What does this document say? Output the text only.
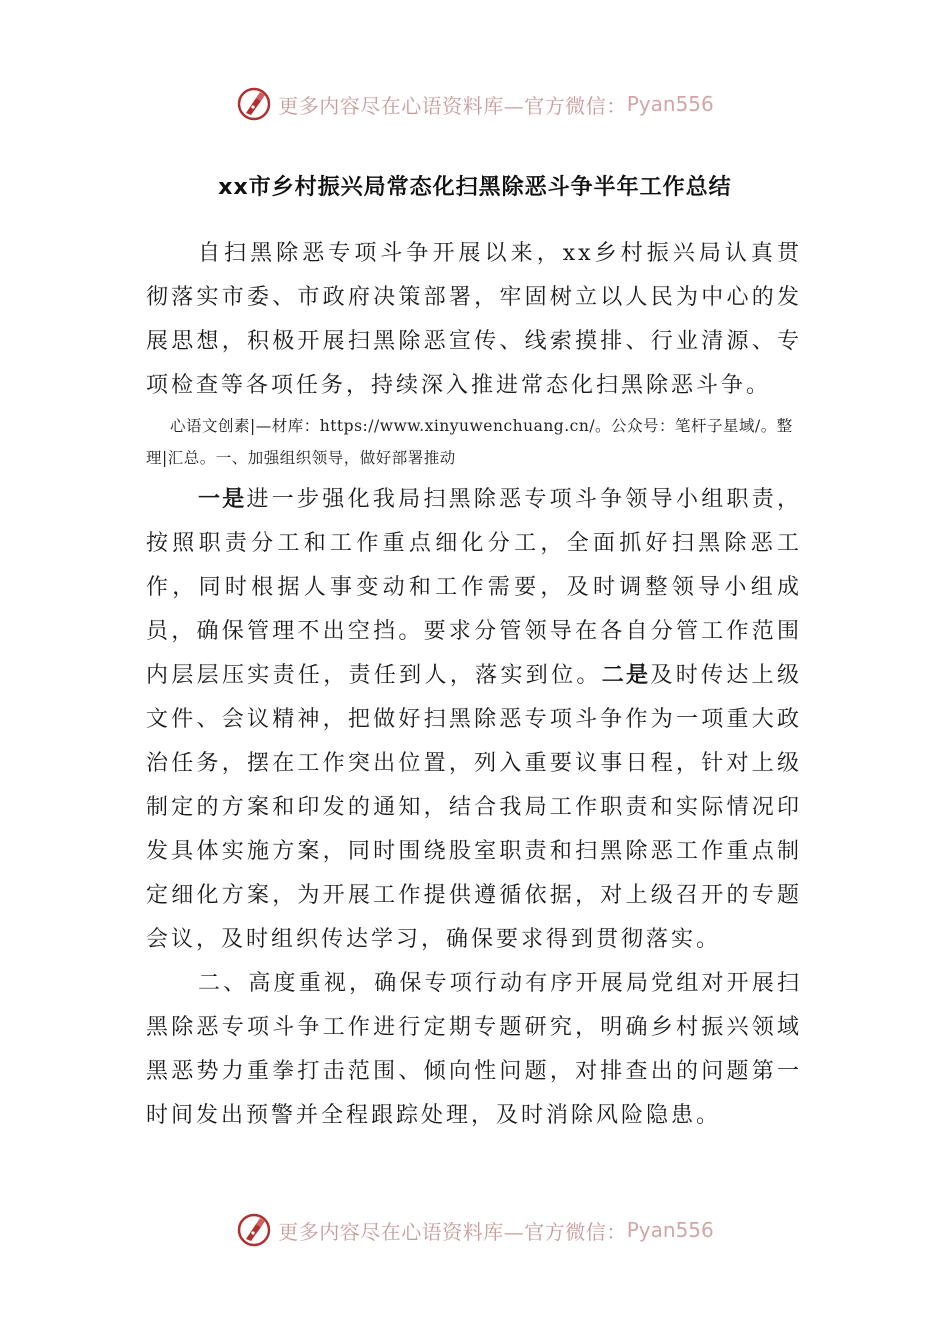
更多内容尽在心语资料库—官方微信： Pyan556
xx市乡村振兴局常态化扫黑除恶斗争半年工作总结

自扫黑除恶专项斗争开展以来，xx乡村振兴局认真贯彻落实市委、市政府决策部署，牢固树立以人民为中心的发展思想，积极开展扫黑除恶宣传、线索摸排、行业清源、专项检查等各项任务，持续深入推进常态化扫黑除恶斗争。

心语文创素|—材库：https://www.xinyuwenchuang.cn/。公众号：笔杆子星域/。整理|汇总。一、加强组织领导，做好部署推动

一是进一步强化我局扫黑除恶专项斗争领导小组职责，按照职责分工和工作重点细化分工，全面抓好扫黑除恶工作，同时根据人事变动和工作需要，及时调整领导小组成员，确保管理不出空挡。要求分管领导在各自分管工作范围内层层压实责任，责任到人，落实到位。二是及时传达上级文件、会议精神，把做好扫黑除恶专项斗争作为一项重大政治任务，摆在工作突出位置，列入重要议事日程，针对上级制定的方案和印发的通知，结合我局工作职责和实际情况印发具体实施方案，同时围绕股室职责和扫黑除恶工作重点制定细化方案，为开展工作提供遵循依据，对上级召开的专题会议，及时组织传达学习，确保要求得到贯彻落实。

二、高度重视，确保专项行动有序开展局党组对开展扫黑除恶专项斗争工作进行定期专题研究，明确乡村振兴领域黑恶势力重拳打击范围、倾向性问题，对排查出的问题第一时间发出预警并全程跟踪处理，及时消除风险隐患。

更多内容尽在心语资料库—官方微信： Pyan556
